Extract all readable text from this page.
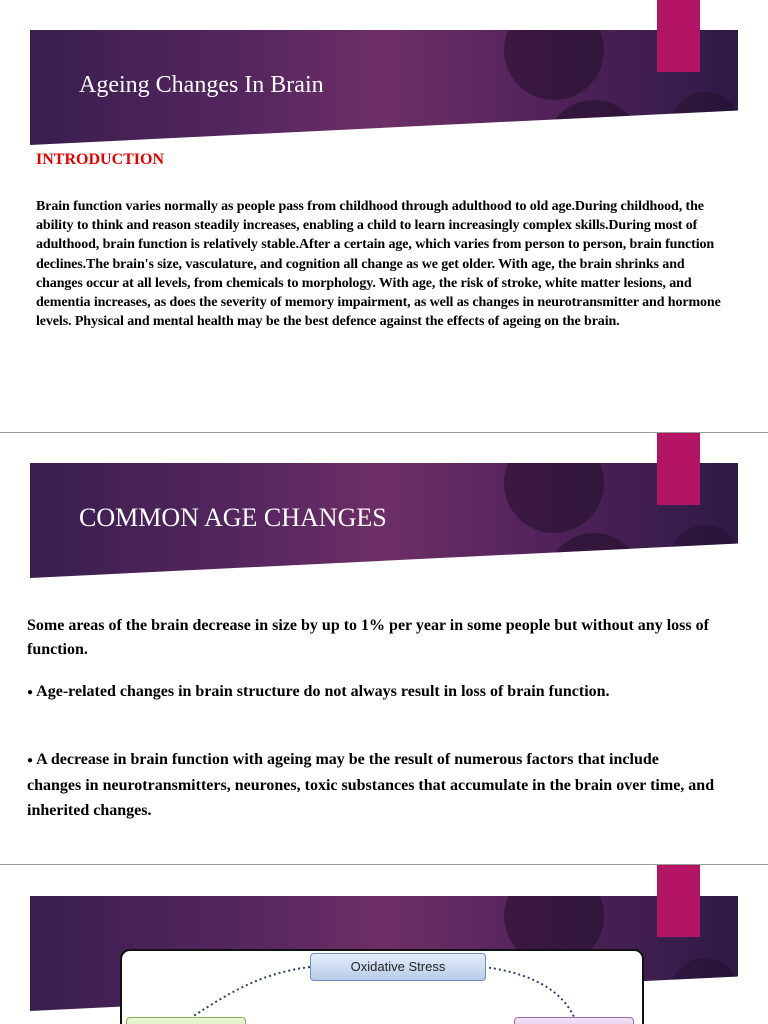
Ageing Changes In Brain
INTRODUCTION

Brain function varies normally as people pass from childhood through adulthood to old age.During childhood, the ability to think and reason steadily increases, enabling a child to learn increasingly complex skills.During most of adulthood, brain function is relatively stable.After a certain age, which varies from person to person, brain function declines.The brain's size, vasculature, and cognition all change as we get older. With age, the brain shrinks and changes occur at all levels, from chemicals to morphology. With age, the risk of stroke, white matter lesions, and dementia increases, as does the severity of memory impairment, as well as changes in neurotransmitter and hormone levels. Physical and mental health may be the best defence against the effects of ageing on the brain.

COMMON AGE CHANGES

Some areas of the brain decrease in size by up to 1% per year in some people but without any loss of function.

● Age-related changes in brain structure do not always result in loss of brain function.

● A decrease in brain function with ageing may be the result of numerous factors that include changes in neurotransmitters, neurones, toxic substances that accumulate in the brain over time, and inherited changes.

Oxidative Stress
